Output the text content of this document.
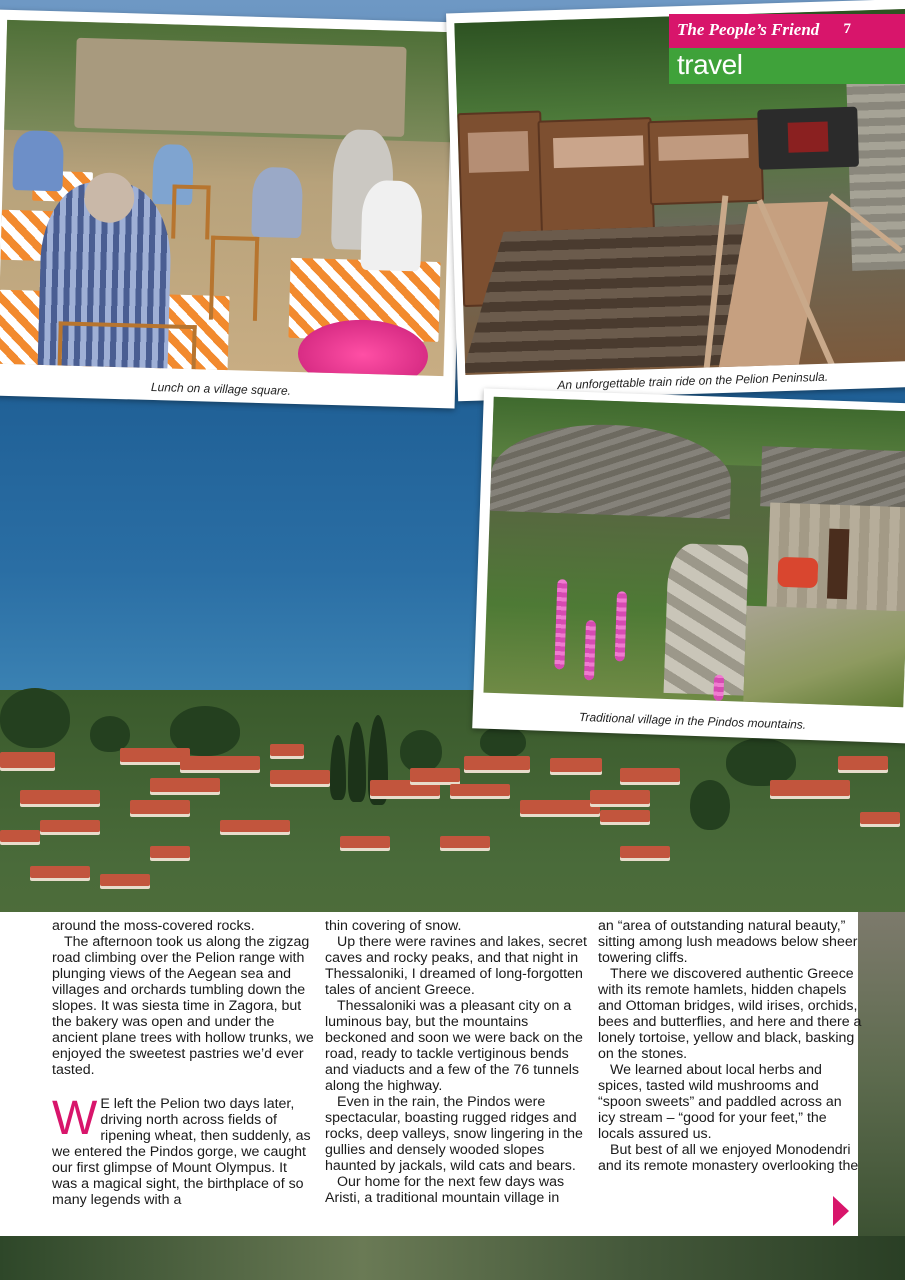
Lunch on a village square.	An unforgettable train ride on the Pelion Peninsula.
Traditional village in the Pindos mountains.
The People’s Friend 7
travel

around the moss-covered rocks.

The afternoon took us along the zigzag road climbing over the Pelion range with plunging views of the Aegean sea and villages and orchards tumbling down the slopes. It was siesta time in Zagora, but the bakery was open and under the ancient plane trees with hollow trunks, we enjoyed the sweetest pastries we’d ever tasted.

W E left the Pelion two days later, driving north across fields of ripening wheat, then suddenly, as we entered the Pindos gorge, we caught our first glimpse of Mount Olympus. It was a magical sight, the birthplace of so many legends with a

thin covering of snow.

Up there were ravines and lakes, secret caves and rocky peaks, and that night in Thessaloniki, I dreamed of long-forgotten tales of ancient Greece.

Thessaloniki was a pleasant city on a luminous bay, but the mountains beckoned and soon we were back on the road, ready to tackle vertiginous bends and viaducts and a few of the 76 tunnels along the highway.

Even in the rain, the Pindos were spectacular, boasting rugged ridges and rocks, deep valleys, snow lingering in the gullies and densely wooded slopes haunted by jackals, wild cats and bears.

Our home for the next few days was Aristi, a traditional mountain village in

an “area of outstanding natural beauty,” sitting among lush meadows below sheer towering cliffs.

There we discovered authentic Greece with its remote hamlets, hidden chapels and Ottoman bridges, wild irises, orchids, bees and butterflies, and here and there a lonely tortoise, yellow and black, basking on the stones.

We learned about local herbs and spices, tasted wild mushrooms and “spoon sweets” and paddled across an icy stream – “good for your feet,” the locals assured us.

But best of all we enjoyed Monodendri and its remote monastery overlooking the
